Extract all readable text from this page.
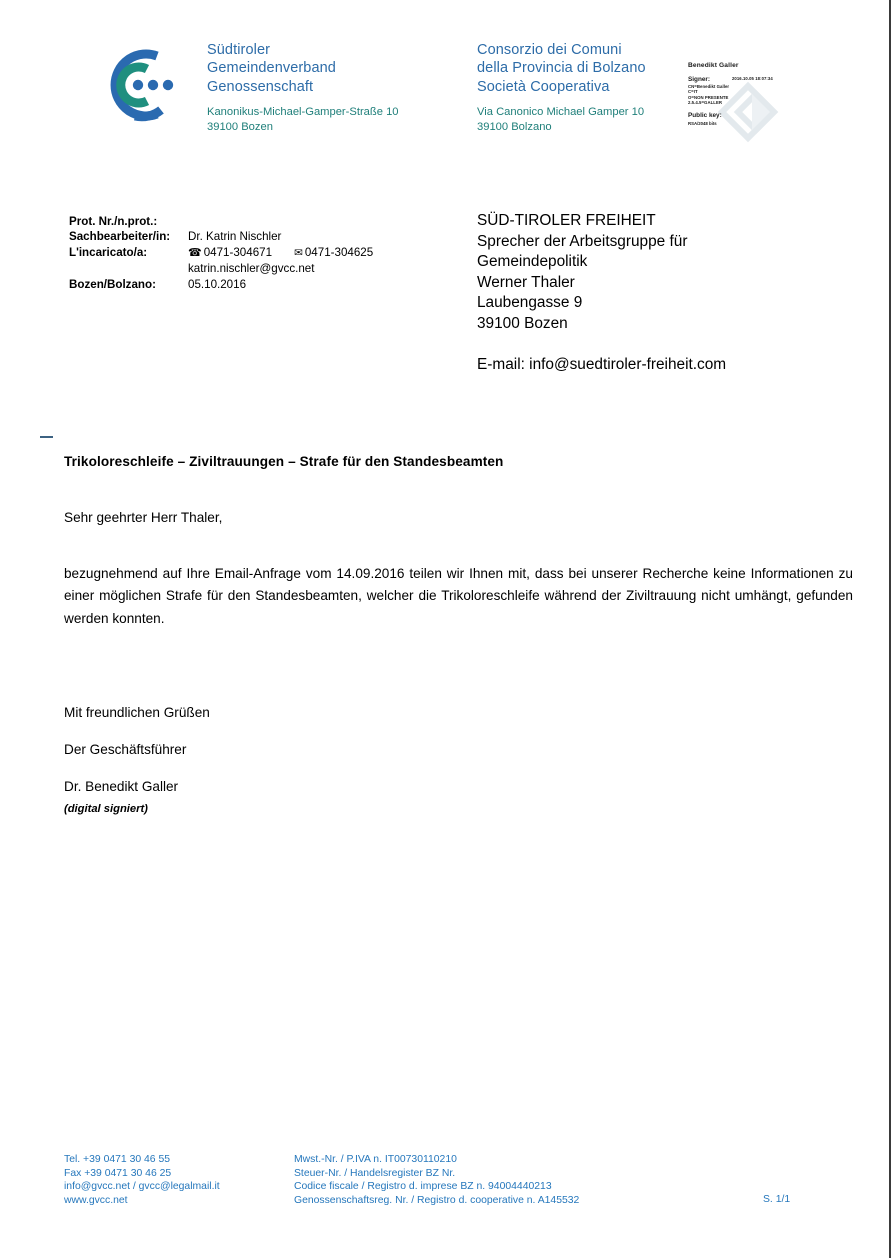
Südtiroler
Gemeindenverband
Genossenschaft
Kanonikus-Michael-Gamper-Straße 10
39100 Bozen
Consorzio dei Comuni
della Provincia di Bolzano
Società Cooperativa
Via Canonico Michael Gamper 10
39100 Bolzano
Benedikt Galler
Signer:
CN=Benedikt Galler
C=IT
O=NON PRESENTE
2.5.4.5=GALLER
Public key:
RSA/2048 bits
2016.10.05 18:07:34
Prot. Nr./n.prot.:
Sachbearbeiter/in:	Dr. Katrin Nischler
L'incaricato/a:	☎ 0471-304671 ✉ 0471-304625
katrin.nischler@gvcc.net
Bozen/Bolzano:	05.10.2016
SÜD-TIROLER FREIHEIT
Sprecher der Arbeitsgruppe für
Gemeindepolitik
Werner Thaler
Laubengasse 9
39100 Bozen
E-mail: info@suedtiroler-freiheit.com
Trikoloreschleife – Ziviltrauungen – Strafe für den Standesbeamten
Sehr geehrter Herr Thaler,
bezugnehmend auf Ihre Email-Anfrage vom 14.09.2016 teilen wir Ihnen mit, dass bei unserer Recherche keine Informationen zu einer möglichen Strafe für den Standesbeamten, welcher die Trikoloreschleife während der Ziviltrauung nicht umhängt, gefunden werden konnten.
Mit freundlichen Grüßen
Der Geschäftsführer
Dr. Benedikt Galler
(digital signiert)
Tel. +39 0471 30 46 55
Fax +39 0471 30 46 25
info@gvcc.net / gvcc@legalmail.it
www.gvcc.net
Mwst.-Nr. / P.IVA n. IT00730110210
Steuer-Nr. / Handelsregister BZ Nr.
Codice fiscale / Registro d. imprese BZ n. 94004440213
Genossenschaftsreg. Nr. / Registro d. cooperative n. A145532	S. 1/1
